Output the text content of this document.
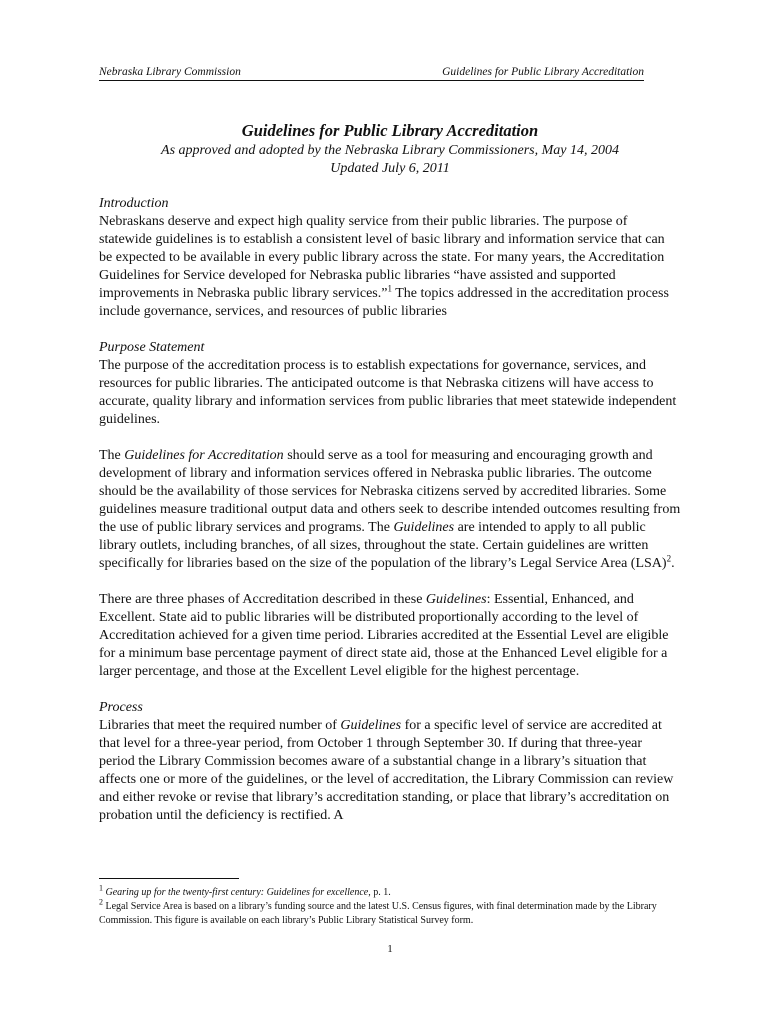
Nebraska Library Commission	Guidelines for Public Library Accreditation

Guidelines for Public Library Accreditation

As approved and adopted by the Nebraska Library Commissioners, May 14, 2004

Updated July 6, 2011

Introduction

Nebraskans deserve and expect high quality service from their public libraries. The purpose of statewide guidelines is to establish a consistent level of basic library and information service that can be expected to be available in every public library across the state. For many years, the Accreditation Guidelines for Service developed for Nebraska public libraries “have assisted and supported improvements in Nebraska public library services.”$^1$ The topics addressed in the accreditation process include governance, services, and resources of public libraries

Purpose Statement

The purpose of the accreditation process is to establish expectations for governance, services, and resources for public libraries. The anticipated outcome is that Nebraska citizens will have access to accurate, quality library and information services from public libraries that meet statewide independent guidelines.

The Guidelines for Accreditation should serve as a tool for measuring and encouraging growth and development of library and information services offered in Nebraska public libraries. The outcome should be the availability of those services for Nebraska citizens served by accredited libraries. Some guidelines measure traditional output data and others seek to describe intended outcomes resulting from the use of public library services and programs. The Guidelines are intended to apply to all public library outlets, including branches, of all sizes, throughout the state. Certain guidelines are written specifically for libraries based on the size of the population of the library’s Legal Service Area (LSA)$^2$.

There are three phases of Accreditation described in these Guidelines: Essential, Enhanced, and Excellent. State aid to public libraries will be distributed proportionally according to the level of Accreditation achieved for a given time period. Libraries accredited at the Essential Level are eligible for a minimum base percentage payment of direct state aid, those at the Enhanced Level eligible for a larger percentage, and those at the Excellent Level eligible for the highest percentage.

Process

Libraries that meet the required number of Guidelines for a specific level of service are accredited at that level for a three-year period, from October 1 through September 30. If during that three-year period the Library Commission becomes aware of a substantial change in a library’s situation that affects one or more of the guidelines, or the level of accreditation, the Library Commission can review and either revoke or revise that library’s accreditation standing, or place that library’s accreditation on probation until the deficiency is rectified. A

$^1$ Gearing up for the twenty-first century: Guidelines for excellence, p. 1.

$^2$ Legal Service Area is based on a library’s funding source and the latest U.S. Census figures, with final determination made by the Library Commission. This figure is available on each library’s Public Library Statistical Survey form.

1
